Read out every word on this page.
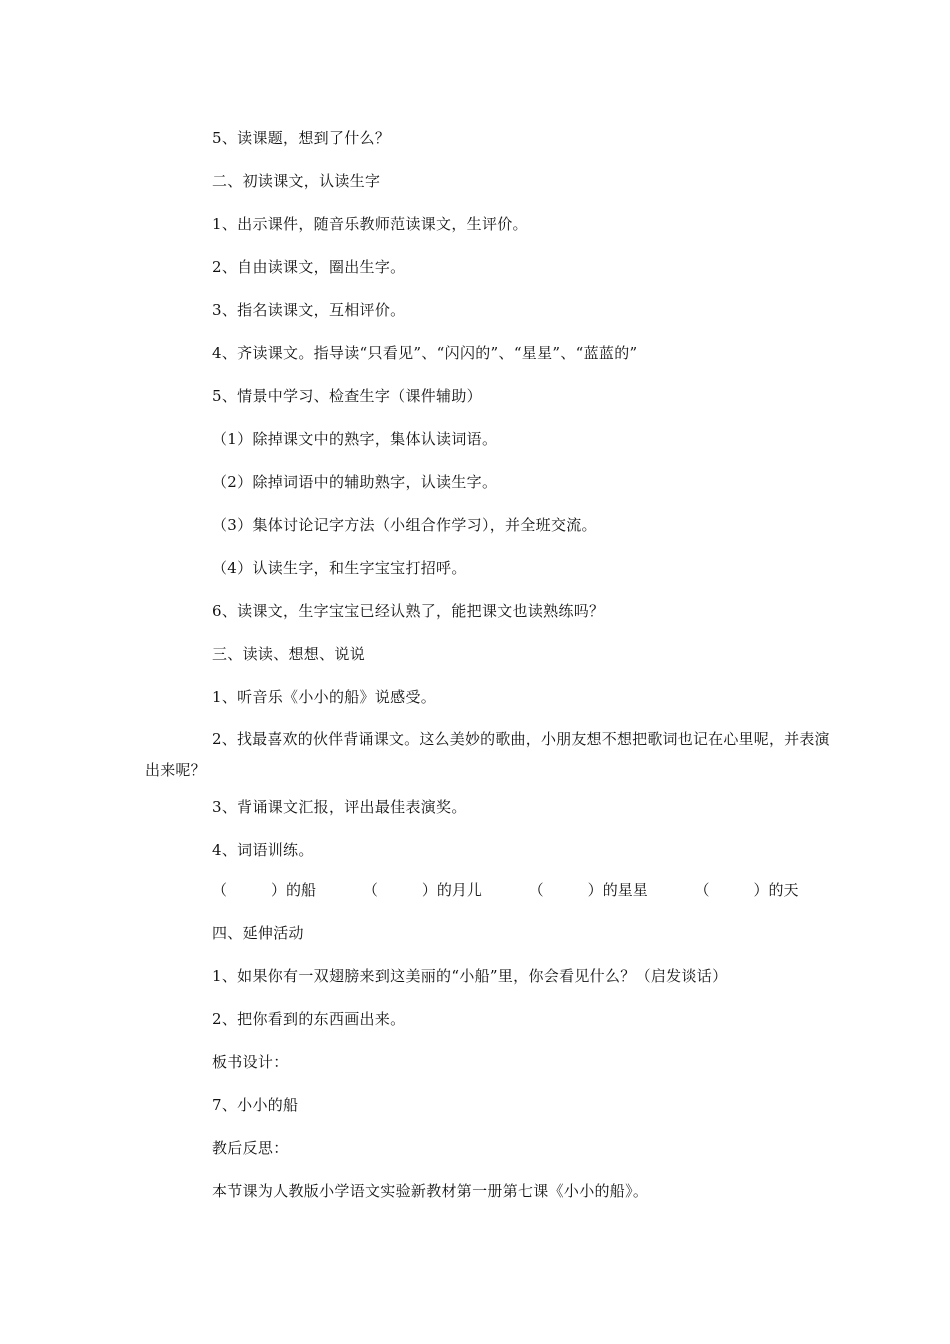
5、读课题，想到了什么？
二、初读课文，认读生字
1、出示课件，随音乐教师范读课文，生评价。
2、自由读课文，圈出生字。
3、指名读课文，互相评价。
4、齐读课文。指导读“只看见”、“闪闪的”、“星星”、“蓝蓝的”
5、情景中学习、检查生字（课件辅助）
（1）除掉课文中的熟字，集体认读词语。
（2）除掉词语中的辅助熟字，认读生字。
（3）集体讨论记字方法（小组合作学习），并全班交流。
（4）认读生字，和生字宝宝打招呼。
6、读课文，生字宝宝已经认熟了，能把课文也读熟练吗？
三、读读、想想、说说
1、听音乐《小小的船》说感受。
2、找最喜欢的伙伴背诵课文。这么美妙的歌曲，小朋友想不想把歌词也记在心里呢，并表演出来呢？
3、背诵课文汇报，评出最佳表演奖。
4、词语训练。
（	）的船	（	）的月儿	（	）的星星	（	）的天
四、延伸活动
1、如果你有一双翅膀来到这美丽的“小船”里，你会看见什么？（启发谈话）
2、把你看到的东西画出来。
板书设计：
7、小小的船
教后反思：
本节课为人教版小学语文实验新教材第一册第七课《小小的船》。
